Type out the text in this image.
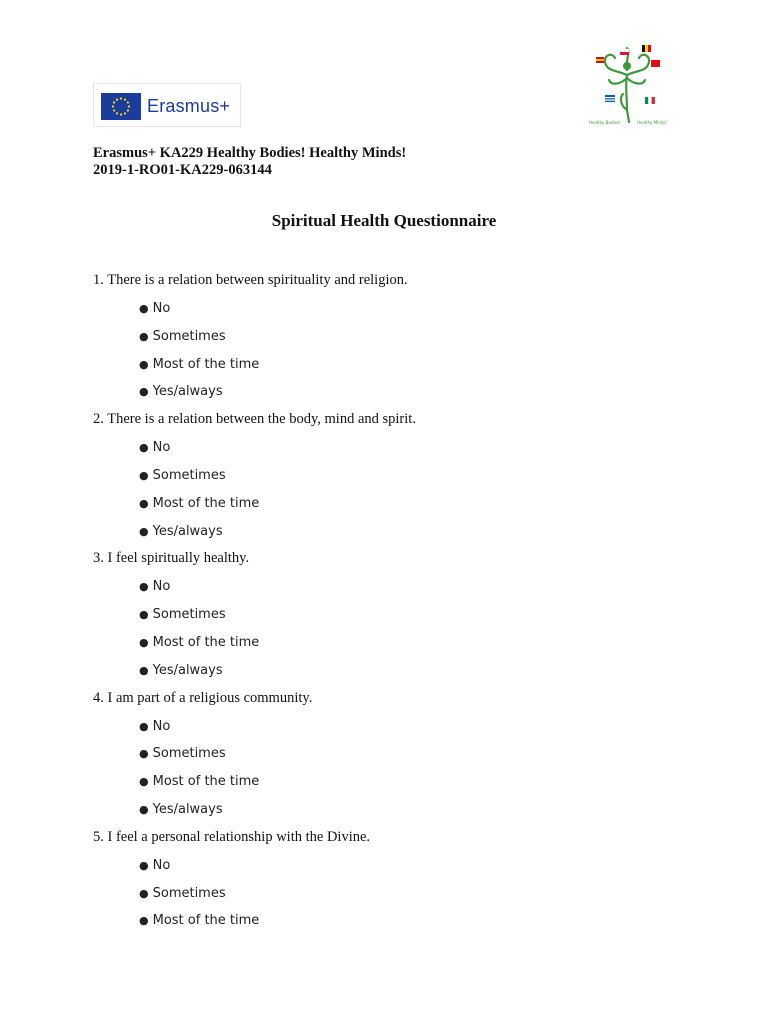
Erasmus+
Healthy Bodies!	Healthy Minds!
Erasmus+ KA229 Healthy Bodies! Healthy Minds!
2019-1-RO01-KA229-063144
Spiritual Health Questionnaire
1. There is a relation between spirituality and religion.
● No
● Sometimes
● Most of the time
● Yes/always
2. There is a relation between the body, mind and spirit.
● No
● Sometimes
● Most of the time
● Yes/always
3. I feel spiritually healthy.
● No
● Sometimes
● Most of the time
● Yes/always
4. I am part of a religious community.
● No
● Sometimes
● Most of the time
● Yes/always
5. I feel a personal relationship with the Divine.
● No
● Sometimes
● Most of the time
